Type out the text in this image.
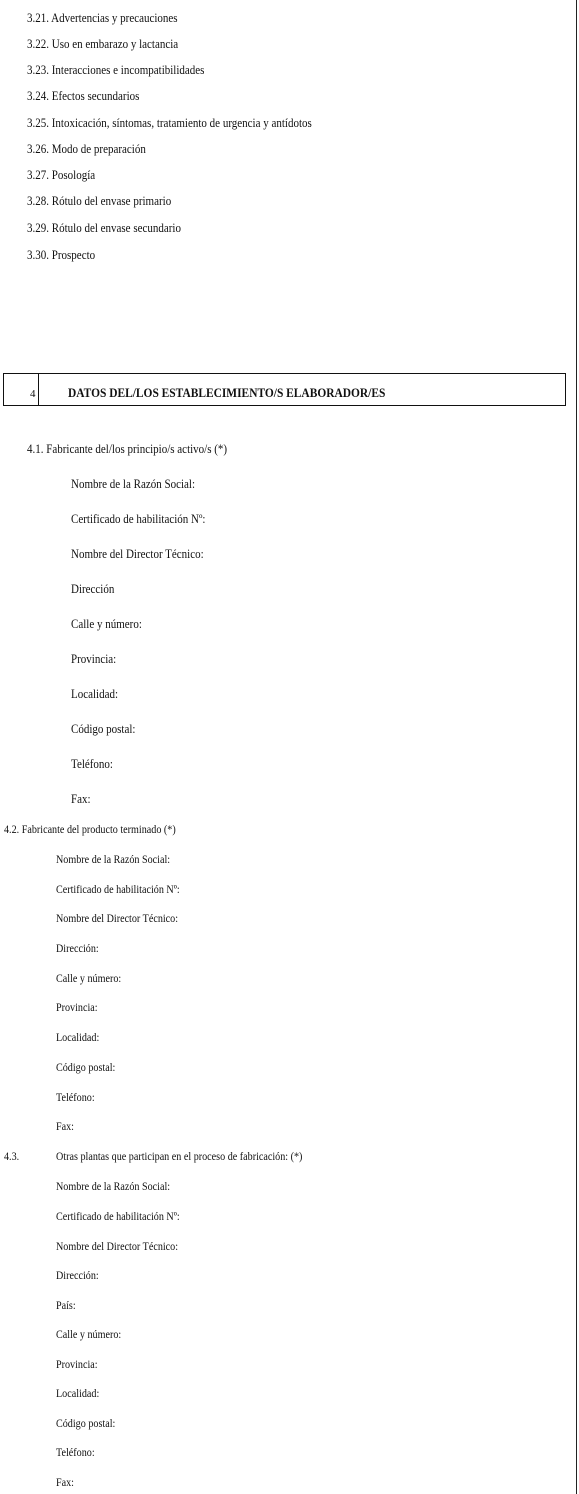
3.21. Advertencias y precauciones
3.22. Uso en embarazo y lactancia
3.23. Interacciones e incompatibilidades
3.24. Efectos secundarios
3.25. Intoxicación, síntomas, tratamiento de urgencia y antídotos
3.26. Modo de preparación
3.27. Posología
3.28. Rótulo del envase primario
3.29. Rótulo del envase secundario
3.30. Prospecto
4	DATOS DEL/LOS ESTABLECIMIENTO/S ELABORADOR/ES
4.1. Fabricante del/los principio/s activo/s (*)
Nombre de la Razón Social:
Certificado de habilitación Nº:
Nombre del Director Técnico:
Dirección
Calle y número:
Provincia:
Localidad:
Código postal:
Teléfono:
Fax:
4.2. Fabricante del producto terminado (*)
Nombre de la Razón Social:
Certificado de habilitación Nº:
Nombre del Director Técnico:
Dirección:
Calle y número:
Provincia:
Localidad:
Código postal:
Teléfono:
Fax:
4.3.	Otras plantas que participan en el proceso de fabricación: (*)
Nombre de la Razón Social:
Certificado de habilitación Nº:
Nombre del Director Técnico:
Dirección:
País:
Calle y número:
Provincia:
Localidad:
Código postal:
Teléfono:
Fax:
